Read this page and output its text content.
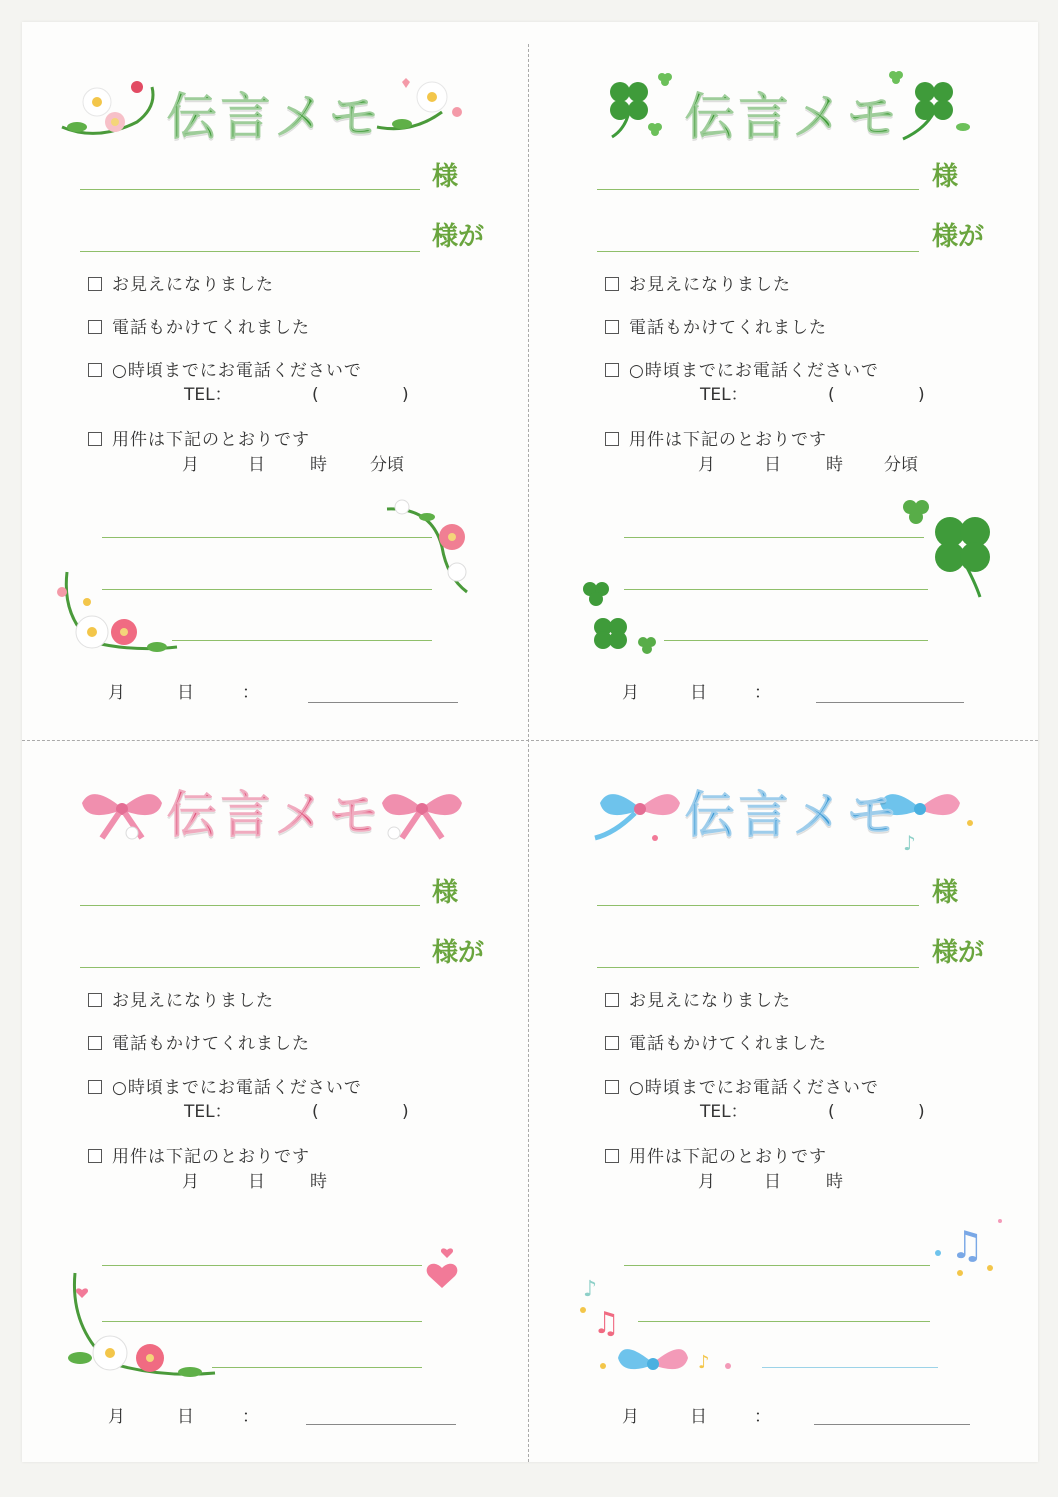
伝言メモ
様
様が
お見えになりました
電話もかけてくれました
○時頃までにお電話くださいで
TEL：	(	)
用件は下記のとおりです
月	日	時	分頃
月	日	：
伝言メモ
様
様が
お見えになりました
電話もかけてくれました
○時頃までにお電話くださいで
TEL：	(	)
用件は下記のとおりです
月	日	時 分頃
月	日	：
伝言メモ
様
様が
お見えになりました
電話もかけてくれました
○時頃までにお電話くださいで
TEL：	(	)
用件は下記のとおりです
月	日	時
月	日	：
♪
伝言メモ
様
様が
お見えになりました
電話もかけてくれました
○時頃までにお電話くださいで
TEL：	(	)
用件は下記のとおりです
月	日	時
♫
♪
♫
♪
月	日	：
